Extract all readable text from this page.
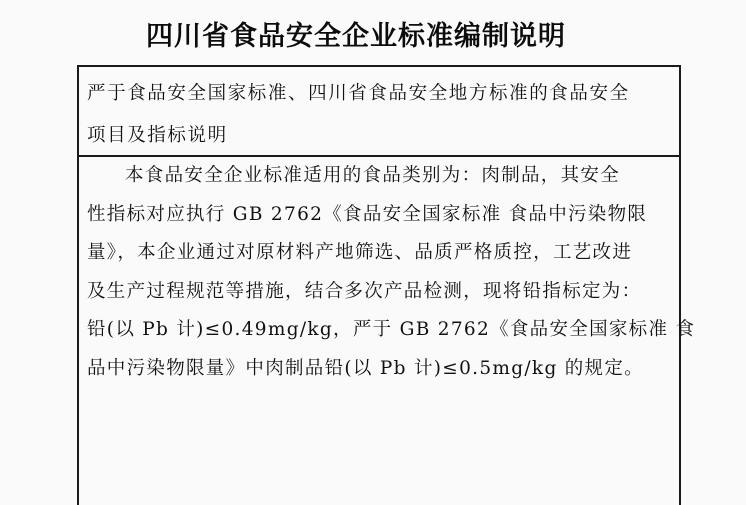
四川省食品安全企业标准编制说明

严于食品安全国家标准、四川省食品安全地方标准的食品安全

项目及指标说明

本食品安全企业标准适用的食品类别为：肉制品，其安全

性指标对应执行 GB 2762《食品安全国家标准 食品中污染物限

量》，本企业通过对原材料产地筛选、品质严格质控，工艺改进

及生产过程规范等措施，结合多次产品检测，现将铅指标定为：

铅(以 Pb 计)≤0.49mg/kg，严于 GB 2762《食品安全国家标准 食

品中污染物限量》中肉制品铅(以 Pb 计)≤0.5mg/kg 的规定。
